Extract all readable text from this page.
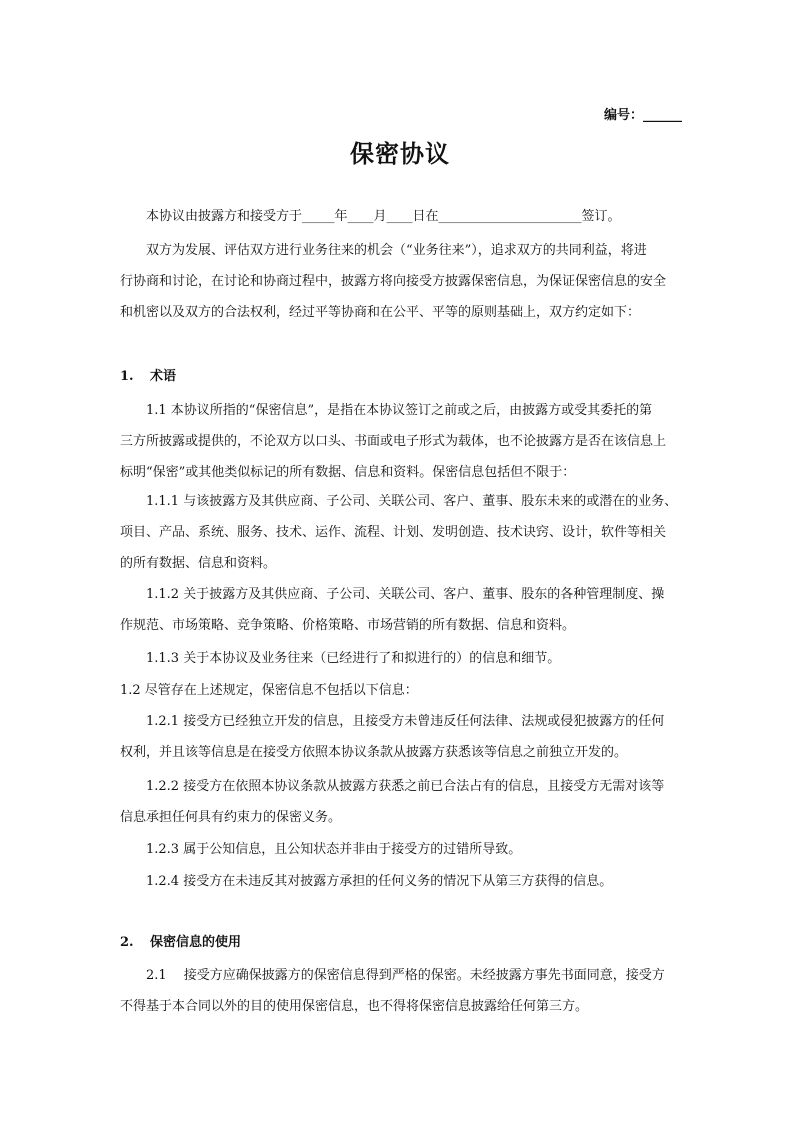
编号：______
保密协议
本协议由披露方和接受方于_____年____月____日在______________________签订。
双方为发展、评估双方进行业务往来的机会（“业务往来”），追求双方的共同利益，将进
行协商和讨论，在讨论和协商过程中，披露方将向接受方披露保密信息，为保证保密信息的安全
和机密以及双方的合法权利，经过平等协商和在公平、平等的原则基础上，双方约定如下：
1. 术语
1.1 本协议所指的“保密信息”，是指在本协议签订之前或之后，由披露方或受其委托的第
三方所披露或提供的，不论双方以口头、书面或电子形式为载体，也不论披露方是否在该信息上
标明“保密”或其他类似标记的所有数据、信息和资料。保密信息包括但不限于：
1.1.1 与该披露方及其供应商、子公司、关联公司、客户、董事、股东未来的或潜在的业务、
项目、产品、系统、服务、技术、运作、流程、计划、发明创造、技术诀窍、设计，软件等相关
的所有数据、信息和资料。
1.1.2 关于披露方及其供应商、子公司、关联公司、客户、董事、股东的各种管理制度、操
作规范、市场策略、竞争策略、价格策略、市场营销的所有数据、信息和资料。
1.1.3 关于本协议及业务往来（已经进行了和拟进行的）的信息和细节。
1.2 尽管存在上述规定，保密信息不包括以下信息：
1.2.1 接受方已经独立开发的信息，且接受方未曾违反任何法律、法规或侵犯披露方的任何
权利，并且该等信息是在接受方依照本协议条款从披露方获悉该等信息之前独立开发的。
1.2.2 接受方在依照本协议条款从披露方获悉之前已合法占有的信息，且接受方无需对该等
信息承担任何具有约束力的保密义务。
1.2.3 属于公知信息，且公知状态并非由于接受方的过错所导致。
1.2.4 接受方在未违反其对披露方承担的任何义务的情况下从第三方获得的信息。
2. 保密信息的使用
2.1　 接受方应确保披露方的保密信息得到严格的保密。未经披露方事先书面同意，接受方
不得基于本合同以外的目的使用保密信息，也不得将保密信息披露给任何第三方。
